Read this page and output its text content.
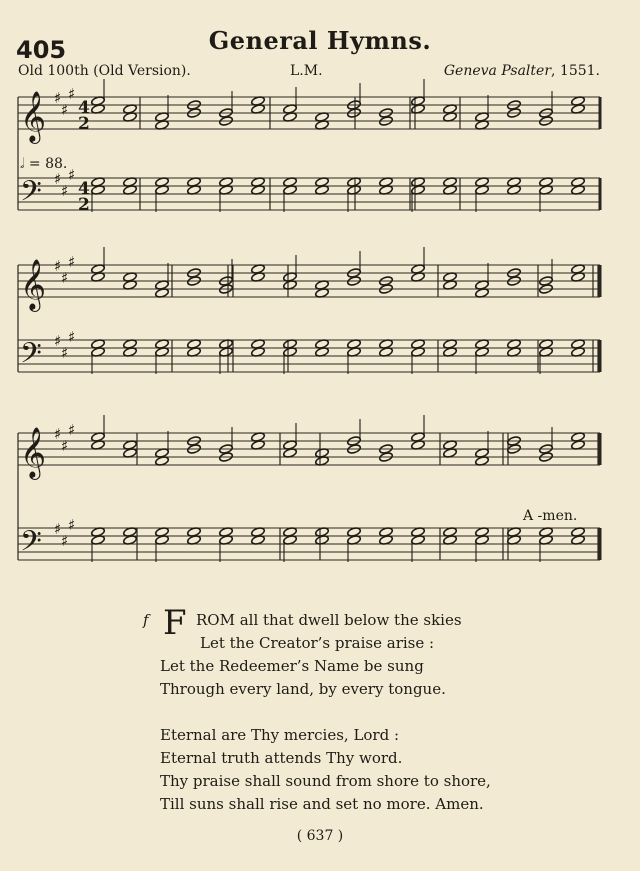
405	General Hymns.
Old 100th (Old Version).	L.M.	Geneva Psalter, 1551.
𝄞 ♯
♯
♯
𝄢 ♯
♯
♯
𝄞 ♯
♯
♯
𝄢 ♯
♯
♯
𝄞 ♯
♯
♯
𝄢 ♯
♯
♯
4
2
4
2
𝅗𝅥 = 88.
A -men.
f F ROM all that dwell below the skies
Let the Creator’s praise arise :
Let the Redeemer’s Name be sung
Through every land, by every tongue.
Eternal are Thy mercies, Lord :
Eternal truth attends Thy word.
Thy praise shall sound from shore to shore,
Till suns shall rise and set no more. Amen.
( 637 )
